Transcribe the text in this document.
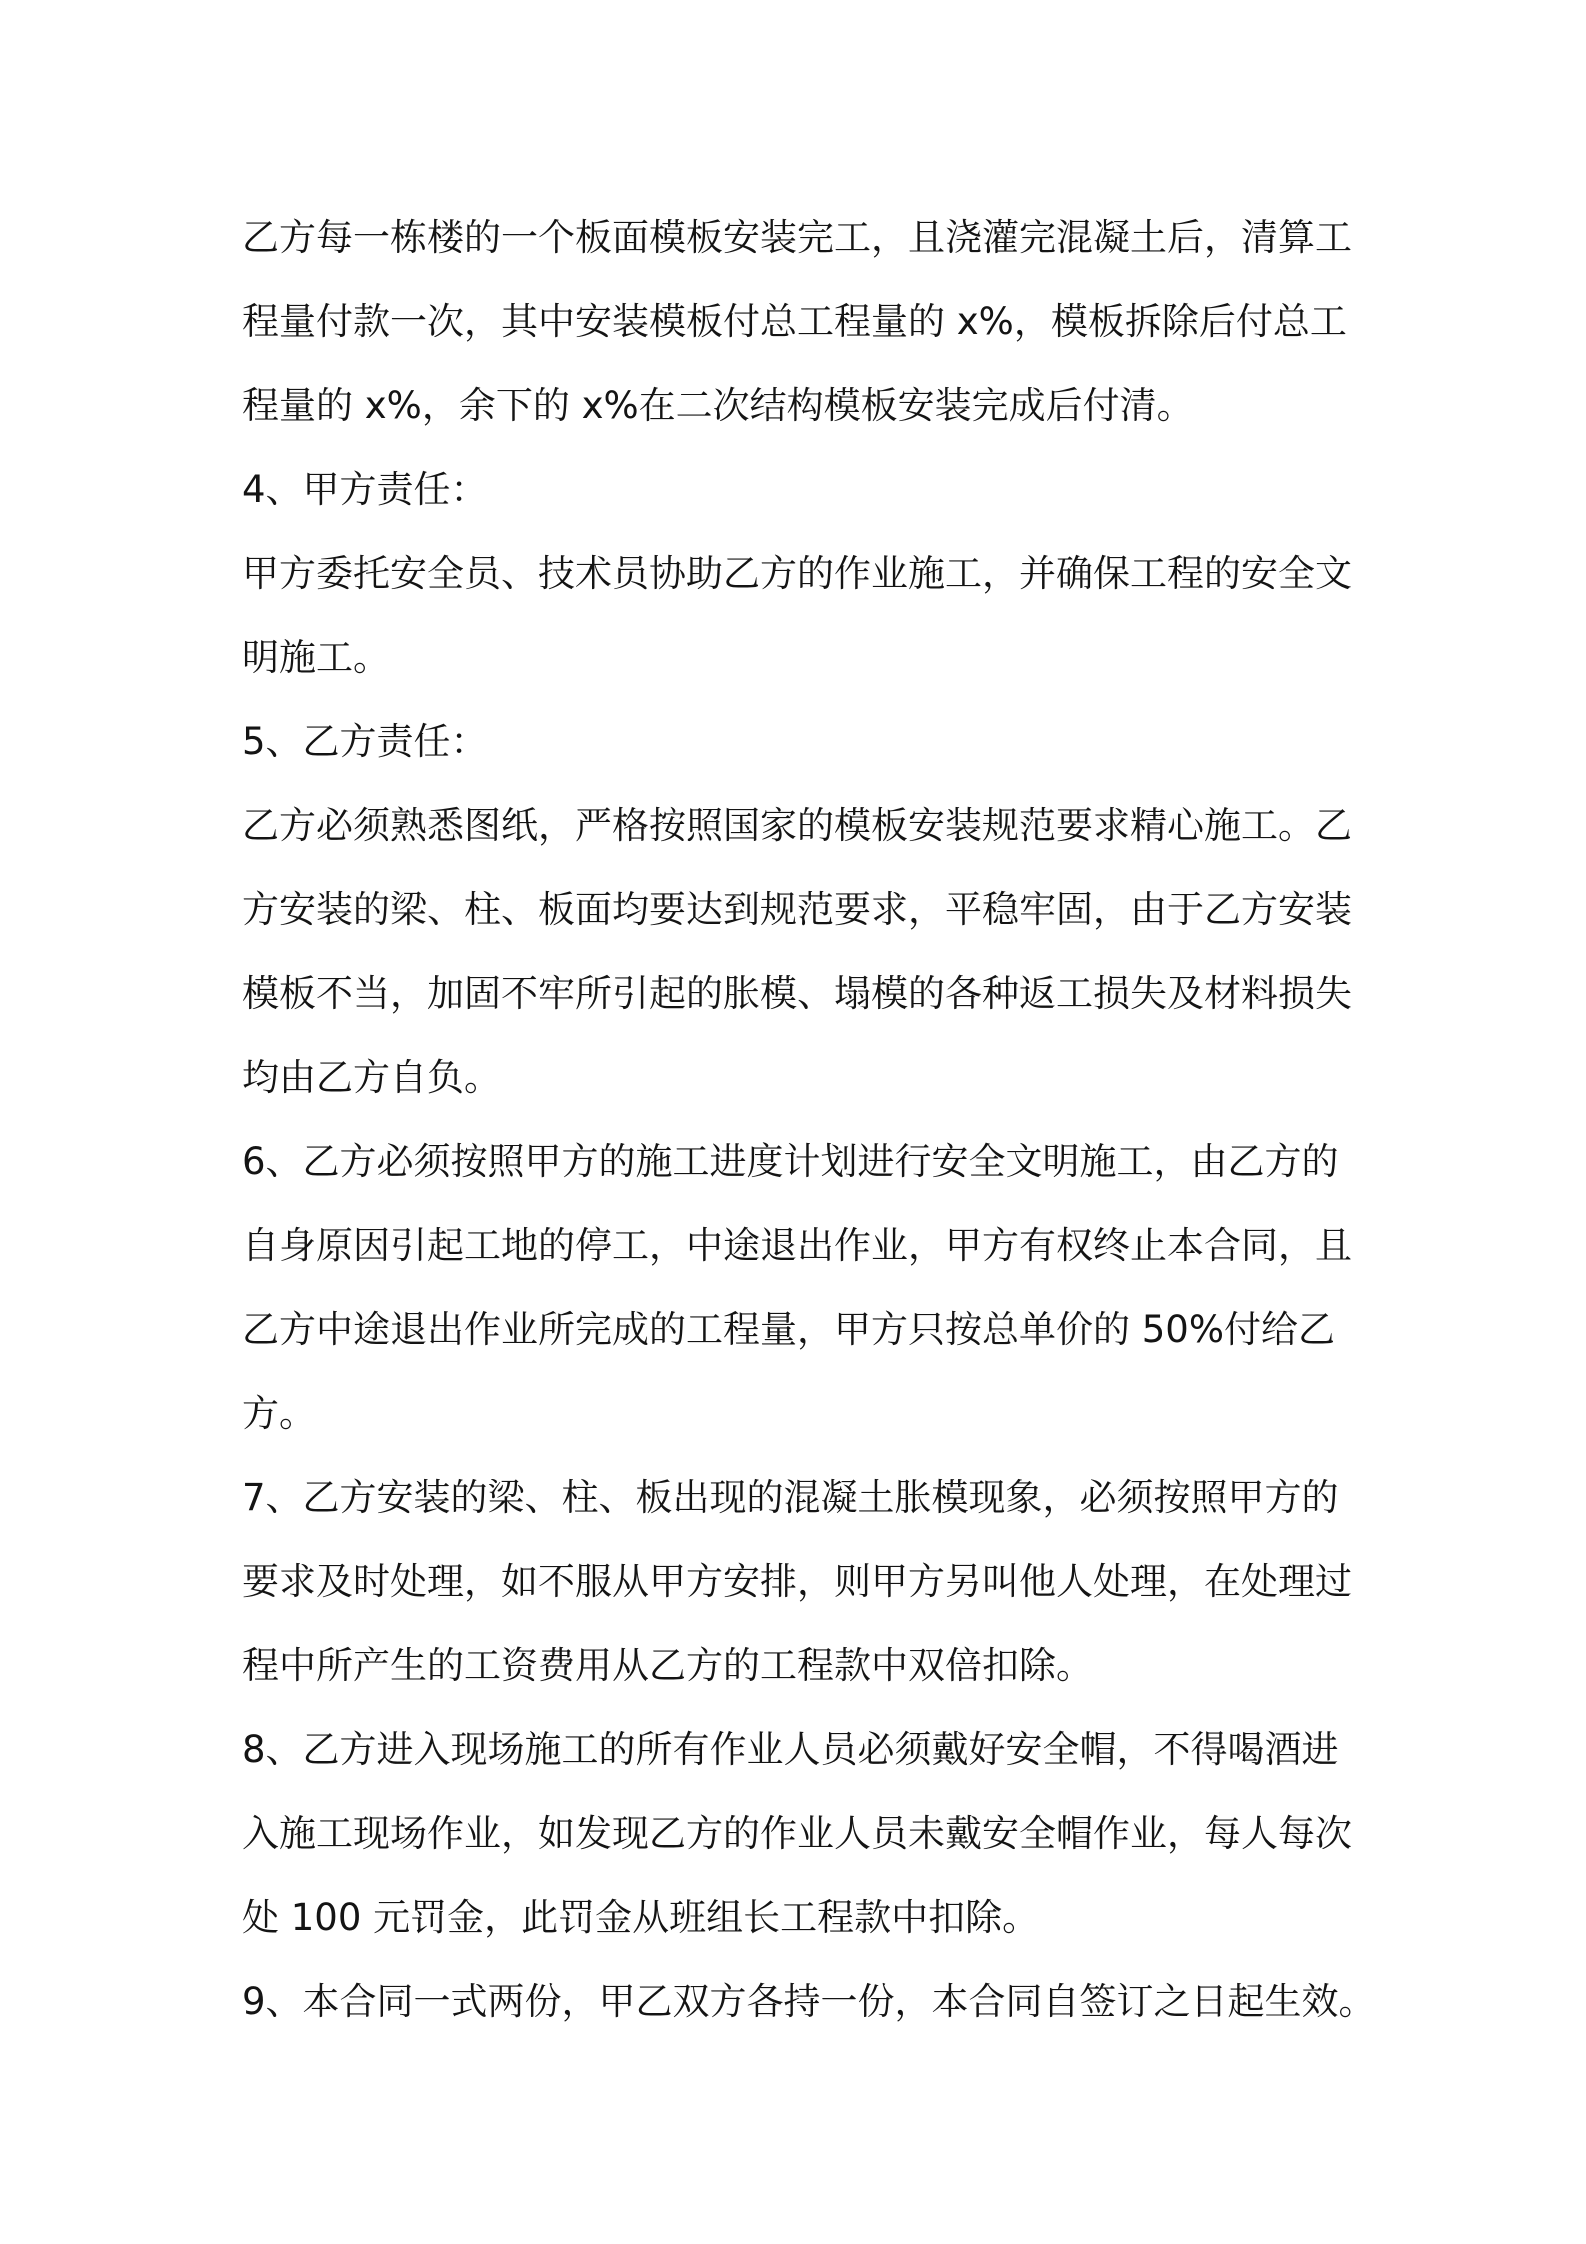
乙方每一栋楼的一个板面模板安装完工，且浇灌完混凝土后，清算工
程量付款一次，其中安装模板付总工程量的 x%，模板拆除后付总工
程量的 x%，余下的 x%在二次结构模板安装完成后付清。
4、甲方责任：
甲方委托安全员、技术员协助乙方的作业施工，并确保工程的安全文
明施工。
5、乙方责任：
乙方必须熟悉图纸，严格按照国家的模板安装规范要求精心施工。乙
方安装的梁、柱、板面均要达到规范要求，平稳牢固，由于乙方安装
模板不当，加固不牢所引起的胀模、塌模的各种返工损失及材料损失
均由乙方自负。
6、乙方必须按照甲方的施工进度计划进行安全文明施工，由乙方的
自身原因引起工地的停工，中途退出作业，甲方有权终止本合同，且
乙方中途退出作业所完成的工程量，甲方只按总单价的 50%付给乙
方。
7、乙方安装的梁、柱、板出现的混凝土胀模现象，必须按照甲方的
要求及时处理，如不服从甲方安排，则甲方另叫他人处理，在处理过
程中所产生的工资费用从乙方的工程款中双倍扣除。
8、乙方进入现场施工的所有作业人员必须戴好安全帽，不得喝酒进
入施工现场作业，如发现乙方的作业人员未戴安全帽作业，每人每次
处 100 元罚金，此罚金从班组长工程款中扣除。
9、本合同一式两份，甲乙双方各持一份，本合同自签订之日起生效。
